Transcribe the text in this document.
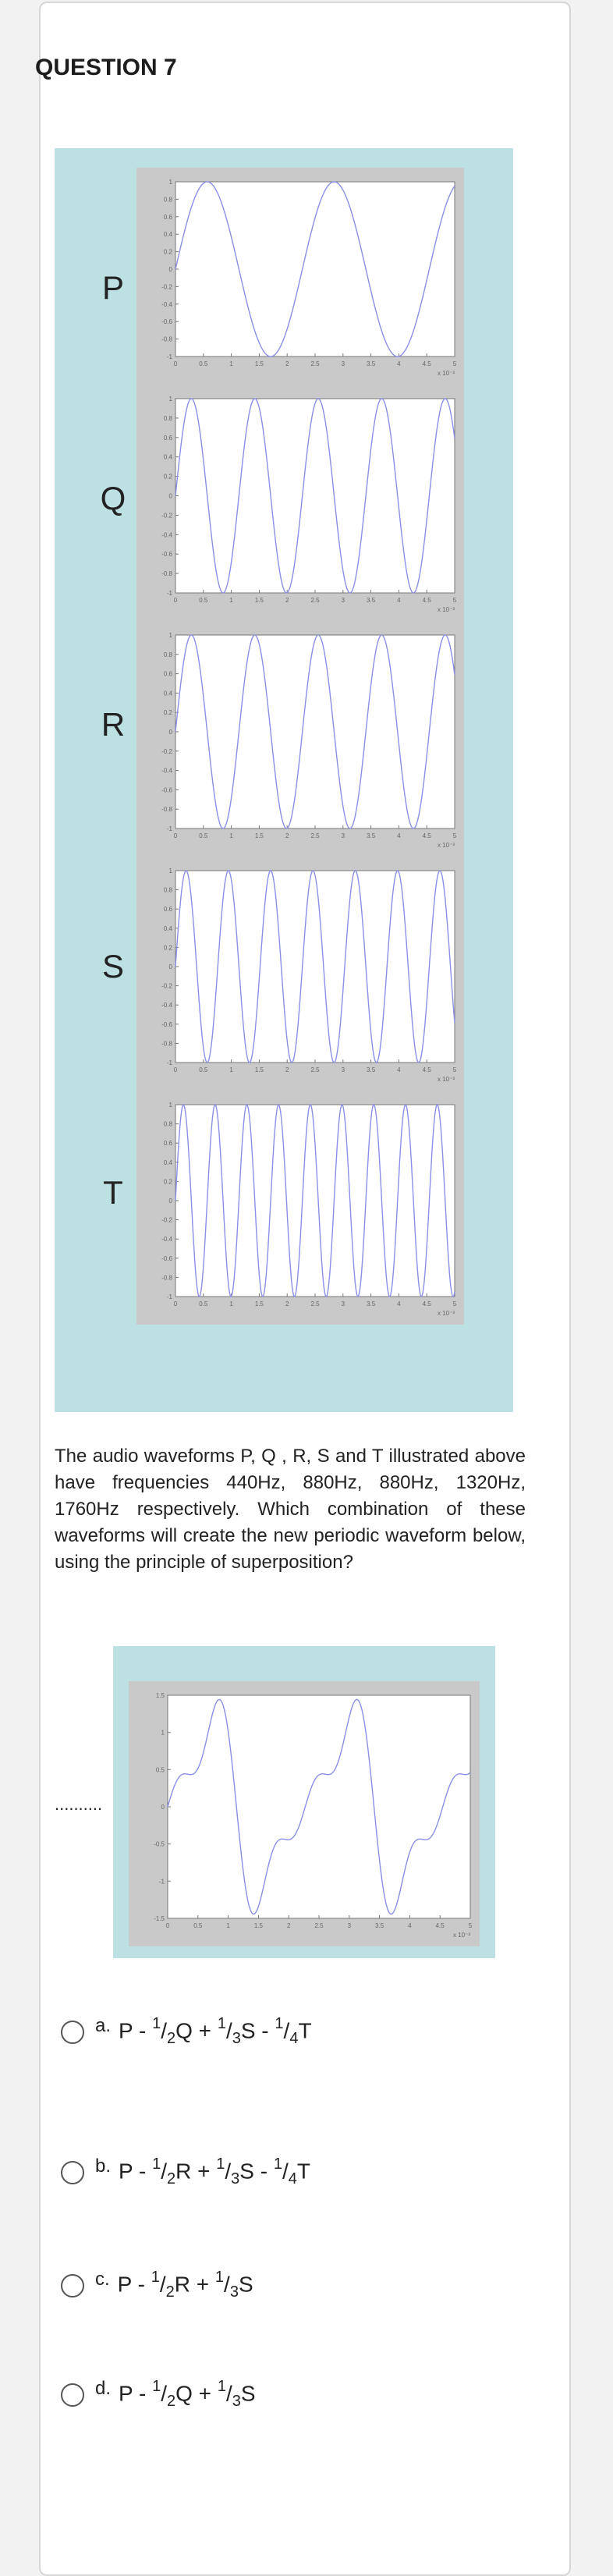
QUESTION 7
P
Q
R
S
T
1
0.8
0.6
0.4
0.2
0
-0.2
-0.4
-0.6
-0.8
-1
0	0.5	1	1.5	2	2.5	3	3.5	4	4.5	5
x 10⁻³
1
0.8
0.6
0.4
0.2
0
-0.2
-0.4
-0.6
-0.8
-1
0	0.5	1	1.5	2	2.5	3	3.5	4	4.5	5
x 10⁻³
1
0.8
0.6
0.4
0.2
0
-0.2
-0.4
-0.6
-0.8
-1
0	0.5	1	1.5	2	2.5	3	3.5	4	4.5	5
x 10⁻³
1
0.8
0.6
0.4
0.2
0
-0.2
-0.4
-0.6
-0.8
-1
0	0.5	1	1.5	2	2.5	3	3.5	4	4.5	5
x 10⁻³
1
0.8
0.6
0.4
0.2
0
-0.2
-0.4
-0.6
-0.8
-1
0	0.5	1	1.5	2	2.5	3	3.5	4	4.5	5
x 10⁻³
The audio waveforms P, Q , R, S and T illustrated above have frequencies 440Hz, 880Hz, 880Hz, 1320Hz, 1760Hz respectively. Which combination of these waveforms will create the new periodic waveform below, using the principle of superposition?
1.5
1
0.5
0
-0.5
-1
-1.5
0	0.5	1	1.5	2	2.5	3	3.5	4	4.5	5
x 10⁻³
..........
a. $P - ^1/_2Q + ^1/_3S - ^1/_4T$
b. $P - ^1/_2R + ^1/_3S - ^1/_4T$
c. $P - ^1/_2R + ^1/_3S$
d. $P - ^1/_2Q + ^1/_3S$
